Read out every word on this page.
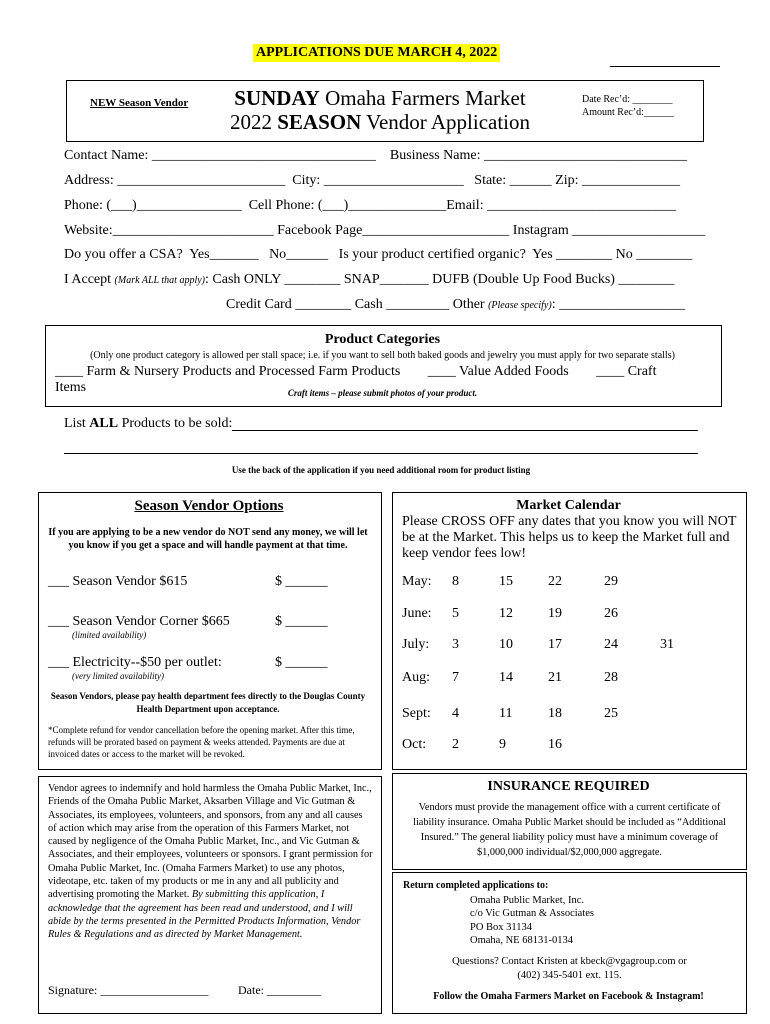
APPLICATIONS DUE MARCH 4, 2022
NEW Season Vendor	SUNDAY Omaha Farmers Market
2022 SEASON Vendor Application
Date Rec’d: ________
Amount Rec’d:______
Contact Name: ________________________________    Business Name: _____________________________
Address: ________________________  City: ____________________   State: ______ Zip: ______________
Phone: (___)_______________  Cell Phone: (___)______________Email: ___________________________
Website:_______________________ Facebook Page_____________________ Instagram ___________________
Do you offer a CSA?  Yes_______   No______   Is your product certified organic?  Yes ________ No ________
I Accept (Mark ALL that apply): Cash ONLY ________ SNAP_______ DUFB (Double Up Food Bucks) ________
Credit Card ________ Cash _________ Other (Please specify): __________________
Product Categories
(Only one product category is allowed per stall space; i.e. if you want to sell both baked goods and jewelry you must apply for two separate stalls)
____ Farm & Nursery Products and Processed Farm Products ____ Value Added Foods ____ Craft Items	Craft items – please submit photos of your product.
List ALL Products to be sold:
Use the back of the application if you need additional room for product listing
Season Vendor Options
If you are applying to be a new vendor do NOT send any money, we will let you know if you get a space and will handle payment at that time.
___ Season Vendor $615	$ ______
___ Season Vendor Corner $665	$ ______
(limited availability)
___ Electricity--$50 per outlet:	$ ______
(very limited availability)
Season Vendors, please pay health department fees directly to the Douglas County Health Department upon acceptance.
*Complete refund for vendor cancellation before the opening market. After this time, refunds will be prorated based on payment & weeks attended. Payments are due at invoiced dates or access to the market will be revoked.
Market Calendar
Please CROSS OFF any dates that you know you will NOT be at the Market. This helps us to keep the Market full and keep vendor fees low!
May: 8	15	22	29
June: 5	12	19	26
July: 3	10	17	24	31
Aug: 7	14	21	28
Sept: 4	11	18	25
Oct: 2	9	16
Vendor agrees to indemnify and hold harmless the Omaha Public Market, Inc., Friends of the Omaha Public Market, Aksarben Village and Vic Gutman & Associates, its employees, volunteers, and sponsors, from any and all causes of action which may arise from the operation of this Farmers Market, not caused by negligence of the Omaha Public Market, Inc., and Vic Gutman & Associates, and their employees, volunteers or sponsors. I grant permission for Omaha Public Market, Inc. (Omaha Farmers Market) to use any photos, videotape, etc. taken of my products or me in any and all publicity and advertising promoting the Market. By submitting this application, I acknowledge that the agreement has been read and understood, and I will abide by the terms presented in the Permitted Products Information, Vendor Rules & Regulations and as directed by Market Management.
Signature: __________________ Date: _________
INSURANCE REQUIRED
Vendors must provide the management office with a current certificate of liability insurance. Omaha Public Market should be included as “Additional Insured.” The general liability policy must have a minimum coverage of $1,000,000 individual/$2,000,000 aggregate.
Return completed applications to:
Omaha Public Market, Inc.
c/o Vic Gutman & Associates
PO Box 31134
Omaha, NE 68131-0134
Questions? Contact Kristen at kbeck@vgagroup.com or
(402) 345-5401 ext. 115.
Follow the Omaha Farmers Market on Facebook & Instagram!
